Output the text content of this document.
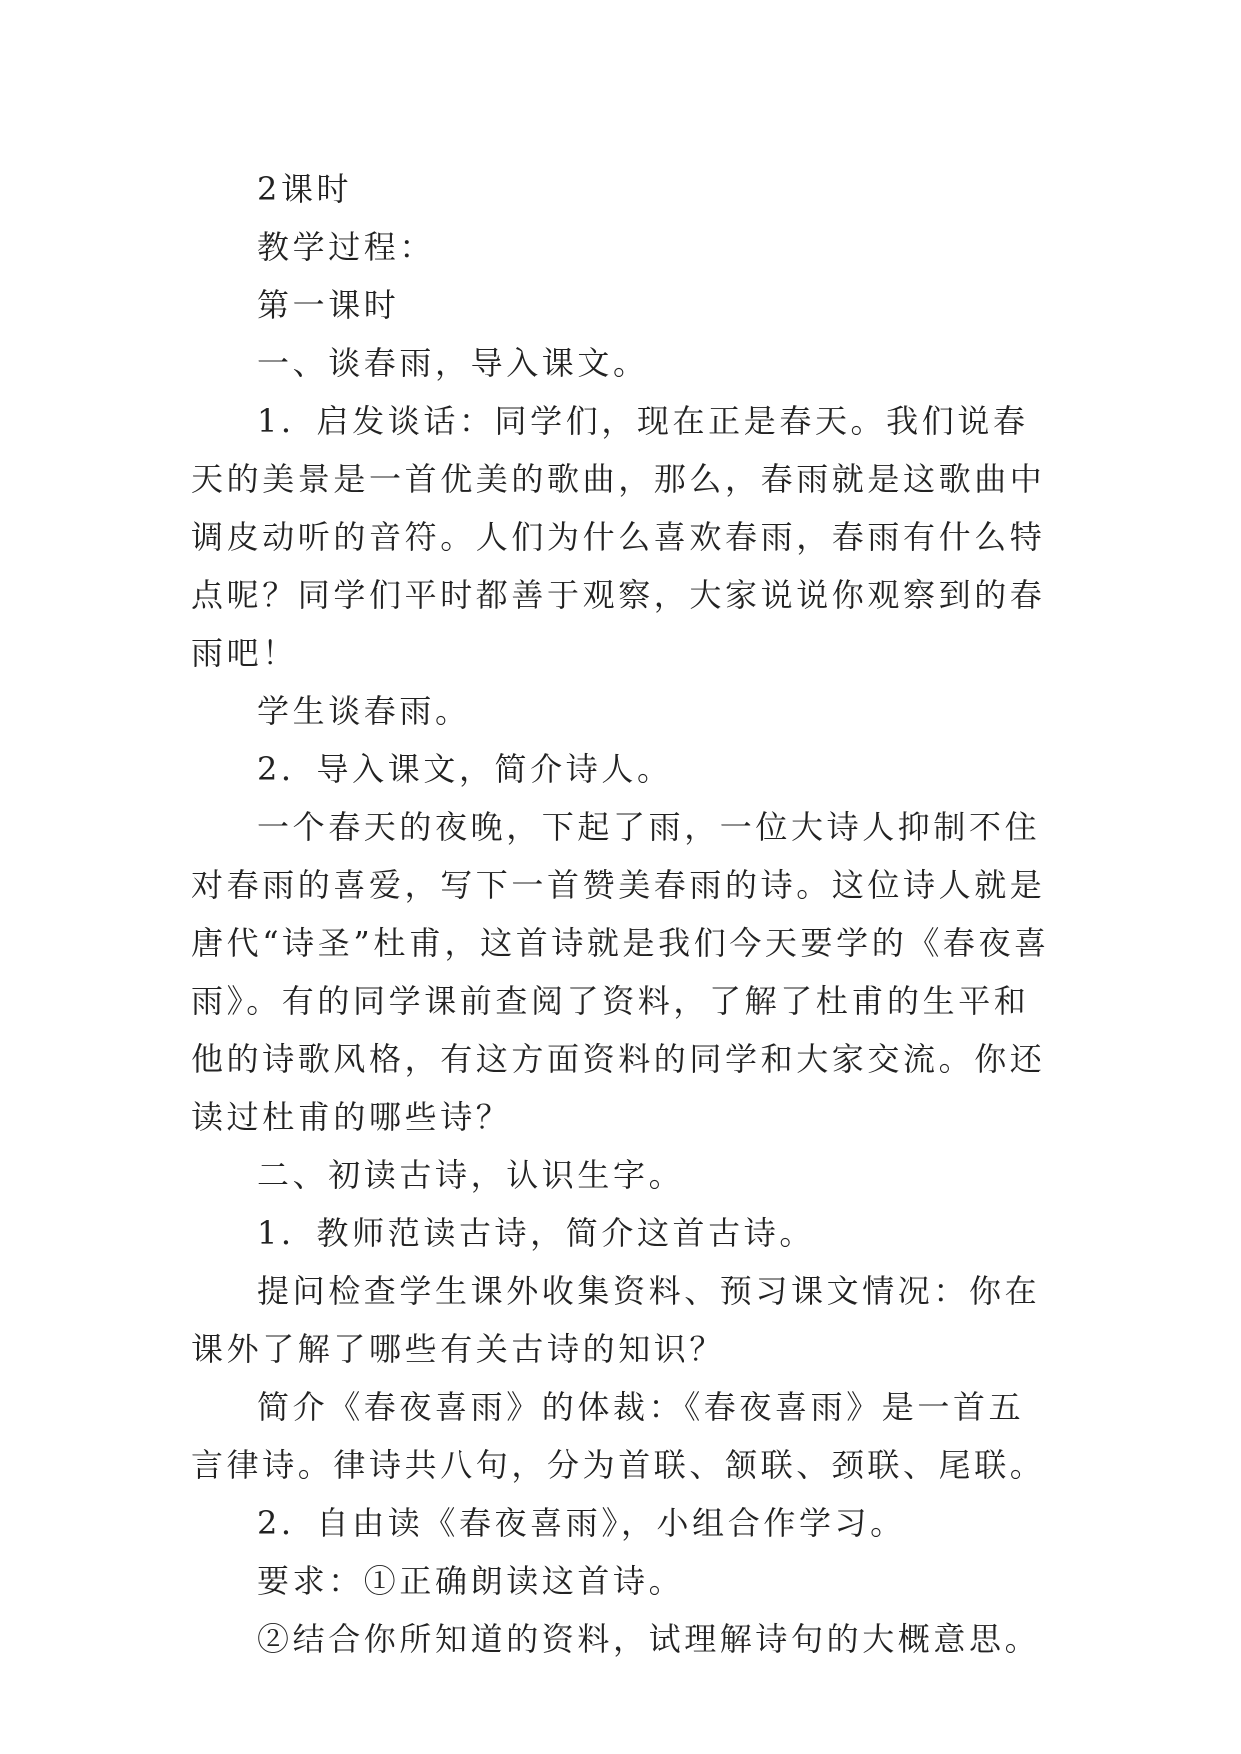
2课时

教学过程：

第一课时

一、谈春雨，导入课文。

1．启发谈话：同学们，现在正是春天。我们说春天的美景是一首优美的歌曲，那么，春雨就是这歌曲中调皮动听的音符。人们为什么喜欢春雨，春雨有什么特点呢？同学们平时都善于观察，大家说说你观察到的春雨吧！

学生谈春雨。

2．导入课文，简介诗人。

一个春天的夜晚，下起了雨，一位大诗人抑制不住对春雨的喜爱，写下一首赞美春雨的诗。这位诗人就是唐代“诗圣”杜甫，这首诗就是我们今天要学的《春夜喜雨》。有的同学课前查阅了资料，了解了杜甫的生平和他的诗歌风格，有这方面资料的同学和大家交流。你还读过杜甫的哪些诗？

二、初读古诗，认识生字。

1．教师范读古诗，简介这首古诗。

提问检查学生课外收集资料、预习课文情况：你在课外了解了哪些有关古诗的知识？

简介《春夜喜雨》的体裁：《春夜喜雨》是一首五言律诗。律诗共八句，分为首联、颔联、颈联、尾联。

2．自由读《春夜喜雨》，小组合作学习。

要求：①正确朗读这首诗。

②结合你所知道的资料，试理解诗句的大概意思。
